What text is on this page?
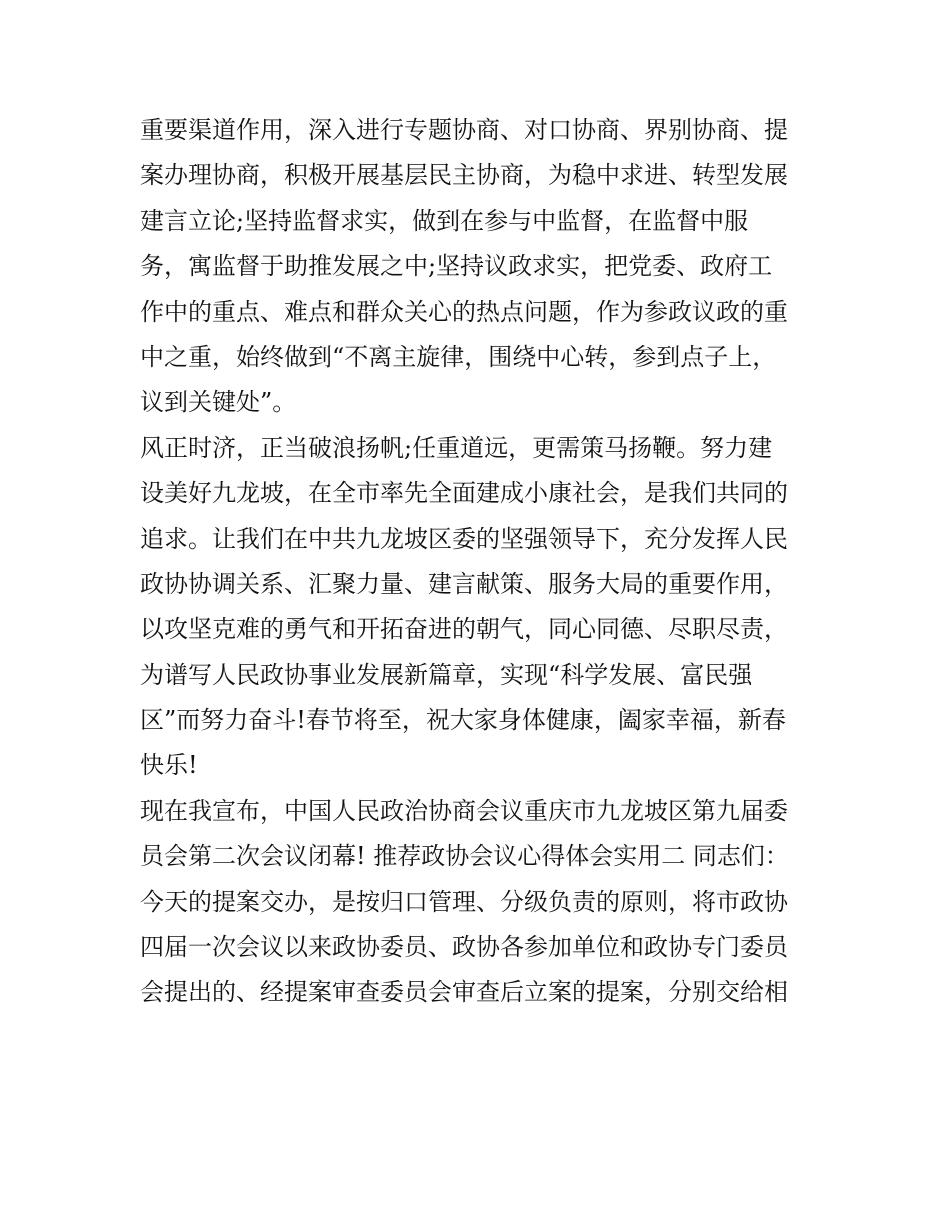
重要渠道作用，深入进行专题协商、对口协商、界别协商、提
案办理协商，积极开展基层民主协商，为稳中求进、转型发展
建言立论;坚持监督求实，做到在参与中监督，在监督中服
务，寓监督于助推发展之中;坚持议政求实，把党委、政府工
作中的重点、难点和群众关心的热点问题，作为参政议政的重
中之重，始终做到“不离主旋律，围绕中心转，参到点子上，
议到关键处”。
风正时济，正当破浪扬帆;任重道远，更需策马扬鞭。努力建
设美好九龙坡，在全市率先全面建成小康社会，是我们共同的
追求。让我们在中共九龙坡区委的坚强领导下，充分发挥人民
政协协调关系、汇聚力量、建言献策、服务大局的重要作用，
以攻坚克难的勇气和开拓奋进的朝气，同心同德、尽职尽责，
为谱写人民政协事业发展新篇章，实现“科学发展、富民强
区”而努力奋斗!春节将至，祝大家身体健康，阖家幸福，新春
快乐!
现在我宣布，中国人民政治协商会议重庆市九龙坡区第九届委
员会第二次会议闭幕! 推荐政协会议心得体会实用二 同志们：
今天的提案交办，是按归口管理、分级负责的原则，将市政协
四届一次会议以来政协委员、政协各参加单位和政协专门委员
会提出的、经提案审查委员会审查后立案的提案，分别交给相
